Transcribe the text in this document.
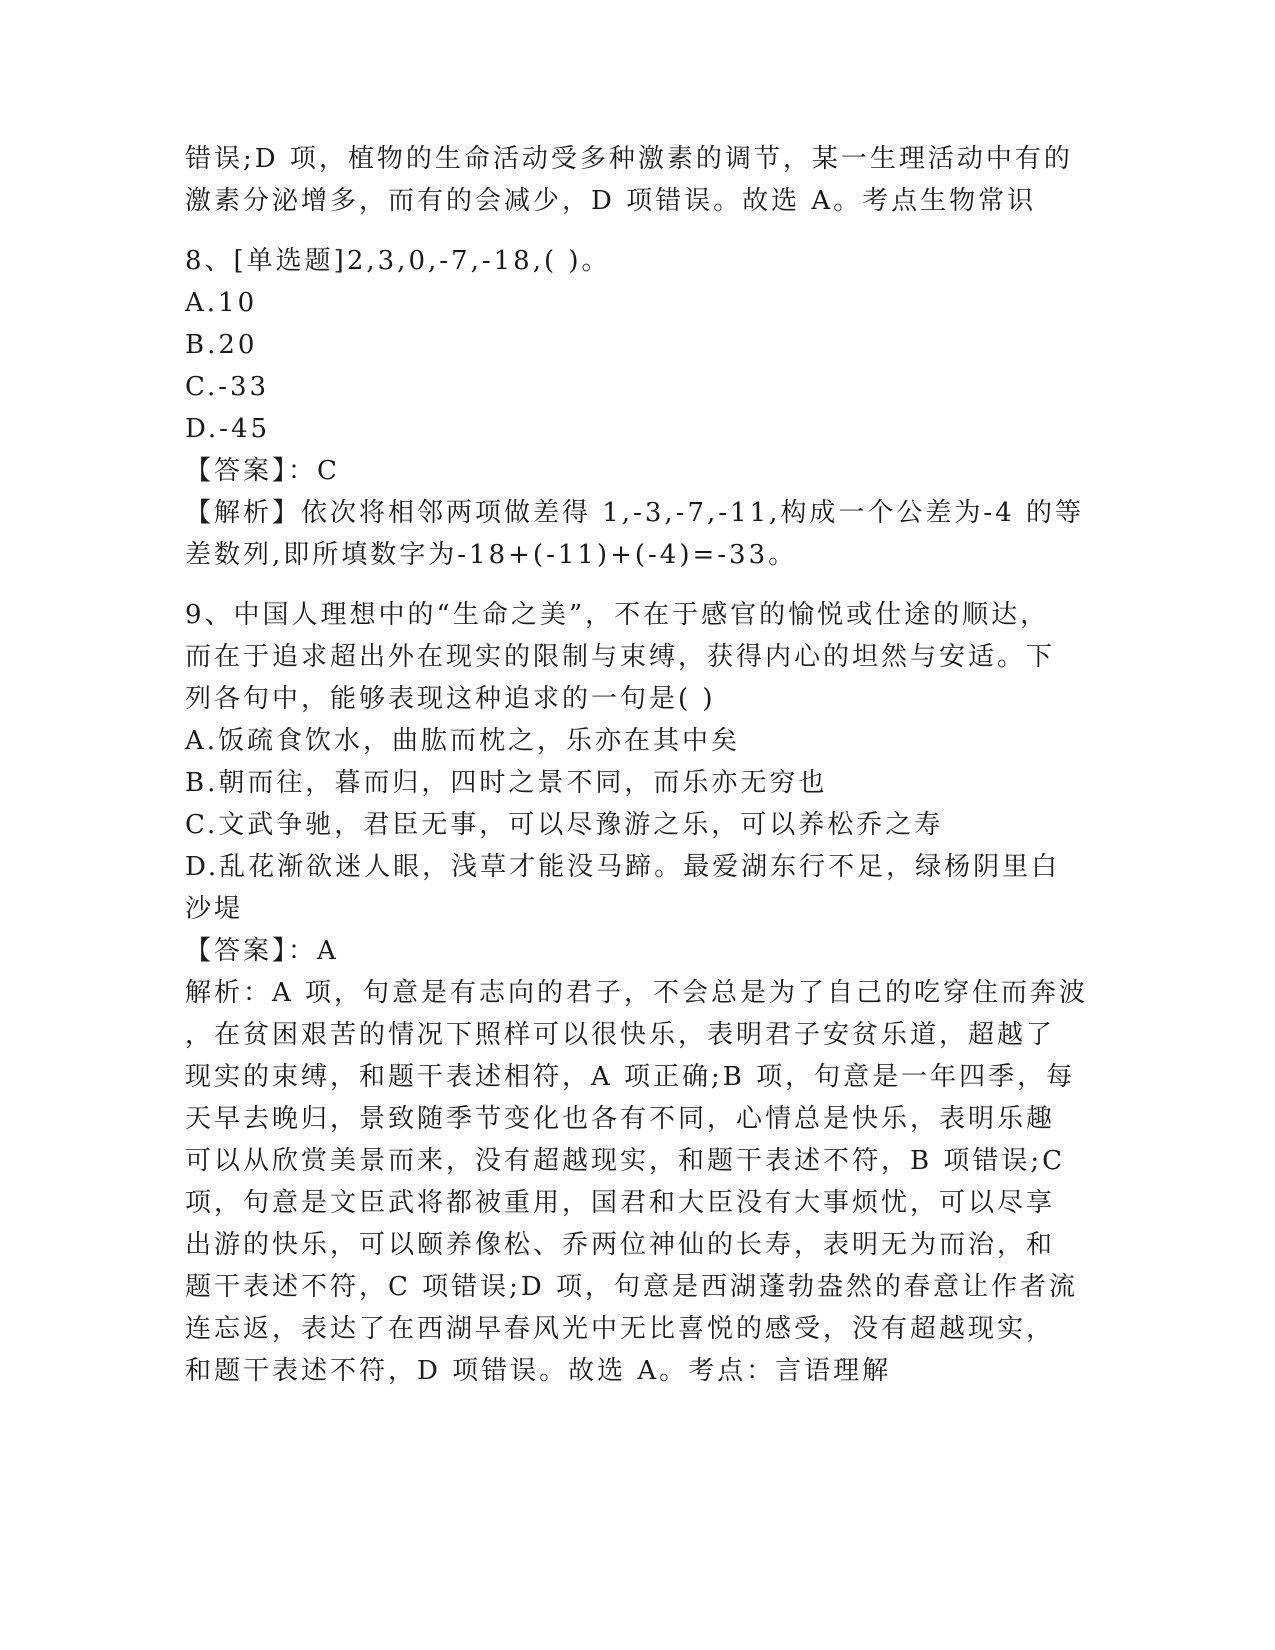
错误;D 项，植物的生命活动受多种激素的调节，某一生理活动中有的
激素分泌增多，而有的会减少，D 项错误。故选 A。考点生物常识
8、[单选题]2,3,0,-7,-18,( )。
A.10
B.20
C.-33
D.-45
【答案】：C
【解析】依次将相邻两项做差得 1,-3,-7,-11,构成一个公差为-4 的等
差数列,即所填数字为-18+(-11)+(-4)=-33。
9、中国人理想中的“生命之美”，不在于感官的愉悦或仕途的顺达，
而在于追求超出外在现实的限制与束缚，获得内心的坦然与安适。下
列各句中，能够表现这种追求的一句是( )
A.饭疏食饮水，曲肱而枕之，乐亦在其中矣
B.朝而往，暮而归，四时之景不同，而乐亦无穷也
C.文武争驰，君臣无事，可以尽豫游之乐，可以养松乔之寿
D.乱花渐欲迷人眼，浅草才能没马蹄。最爱湖东行不足，绿杨阴里白
沙堤
【答案】：A
解析：A 项，句意是有志向的君子，不会总是为了自己的吃穿住而奔波
，在贫困艰苦的情况下照样可以很快乐，表明君子安贫乐道，超越了
现实的束缚，和题干表述相符，A 项正确;B 项，句意是一年四季，每
天早去晚归，景致随季节变化也各有不同，心情总是快乐，表明乐趣
可以从欣赏美景而来，没有超越现实，和题干表述不符，B 项错误;C
项，句意是文臣武将都被重用，国君和大臣没有大事烦忧，可以尽享
出游的快乐，可以颐养像松、乔两位神仙的长寿，表明无为而治，和
题干表述不符，C 项错误;D 项，句意是西湖蓬勃盎然的春意让作者流
连忘返，表达了在西湖早春风光中无比喜悦的感受，没有超越现实，
和题干表述不符，D 项错误。故选 A。考点：言语理解
